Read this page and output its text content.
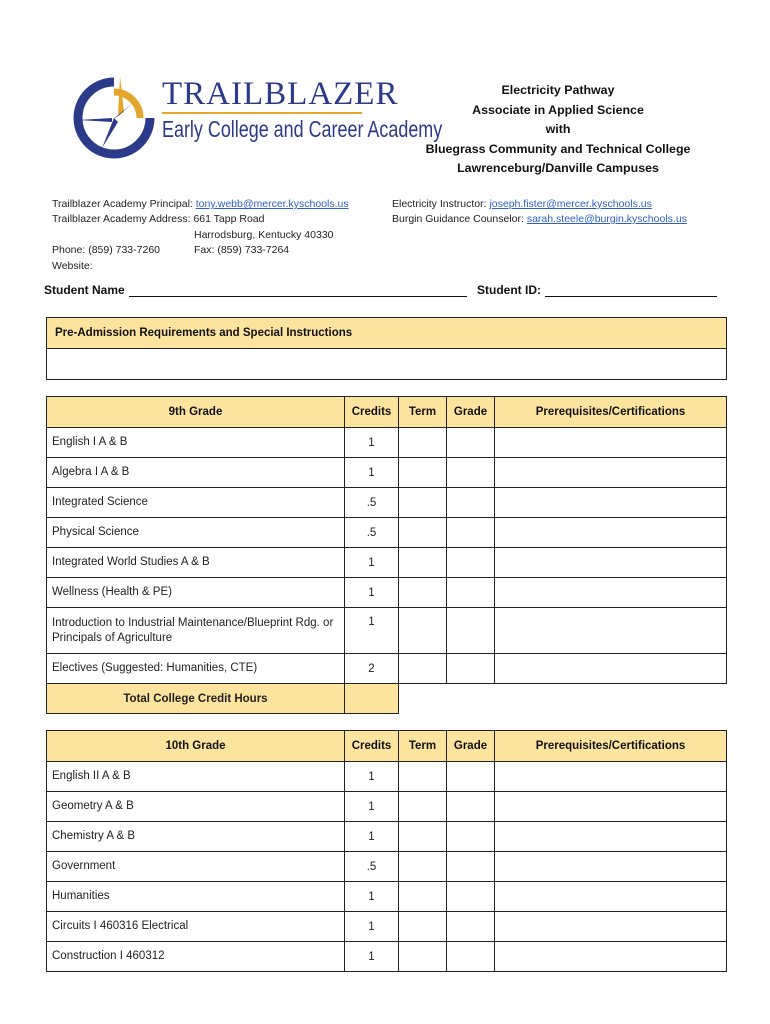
TRAILBLAZER
Early College and Career Academy
Electricity Pathway
Associate in Applied Science
with
Bluegrass Community and Technical College
Lawrenceburg/Danville Campuses
Trailblazer Academy Principal: tony.webb@mercer.kyschools.us
Trailblazer Academy Address: 661 Tapp Road
Harrodsburg, Kentucky 40330
Phone: (859) 733-7260	Fax: (859) 733-7264
Website:
Electricity Instructor: joseph.fister@mercer.kyschools.us
Burgin Guidance Counselor: sarah.steele@burgin.kyschools.us
Student Name	Student ID:
Pre-Admission Requirements and Special Instructions
9th Grade	Credits	Term	Grade	Prerequisites/Certifications
English I A & B	1			
Algebra I A & B	1			
Integrated Science	.5			
Physical Science	.5			
Integrated World Studies A & B	1			
Wellness (Health & PE)	1			
Introduction to Industrial Maintenance/Blueprint Rdg. or Principals of Agriculture	1			
Electives (Suggested: Humanities, CTE)	2			
Total College Credit Hours				
10th Grade	Credits	Term	Grade	Prerequisites/Certifications
English II A & B	1			
Geometry A & B	1			
Chemistry A & B	1			
Government	.5			
Humanities	1			
Circuits I 460316 Electrical	1			
Construction I 460312	1			
